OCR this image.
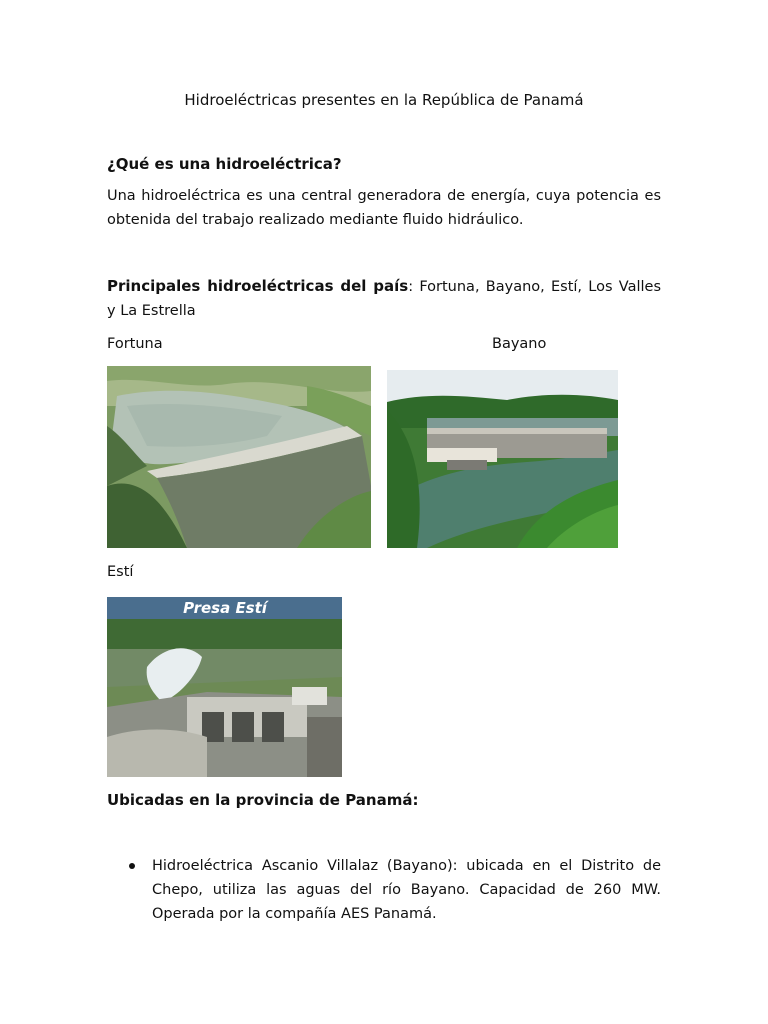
Hidroeléctricas presentes en la República de Panamá
¿Qué es una hidroeléctrica?
Una hidroeléctrica es una central generadora de energía, cuya potencia es obtenida del trabajo realizado mediante fluido hidráulico.
Principales hidroeléctricas del país: Fortuna, Bayano, Estí, Los Valles y La Estrella
Fortuna	Bayano
Estí
Presa Estí
Ubicadas en la provincia de Panamá:
Hidroeléctrica Ascanio Villalaz (Bayano): ubicada en el Distrito de Chepo, utiliza las aguas del río Bayano. Capacidad de 260 MW. Operada por la compañía AES Panamá.
